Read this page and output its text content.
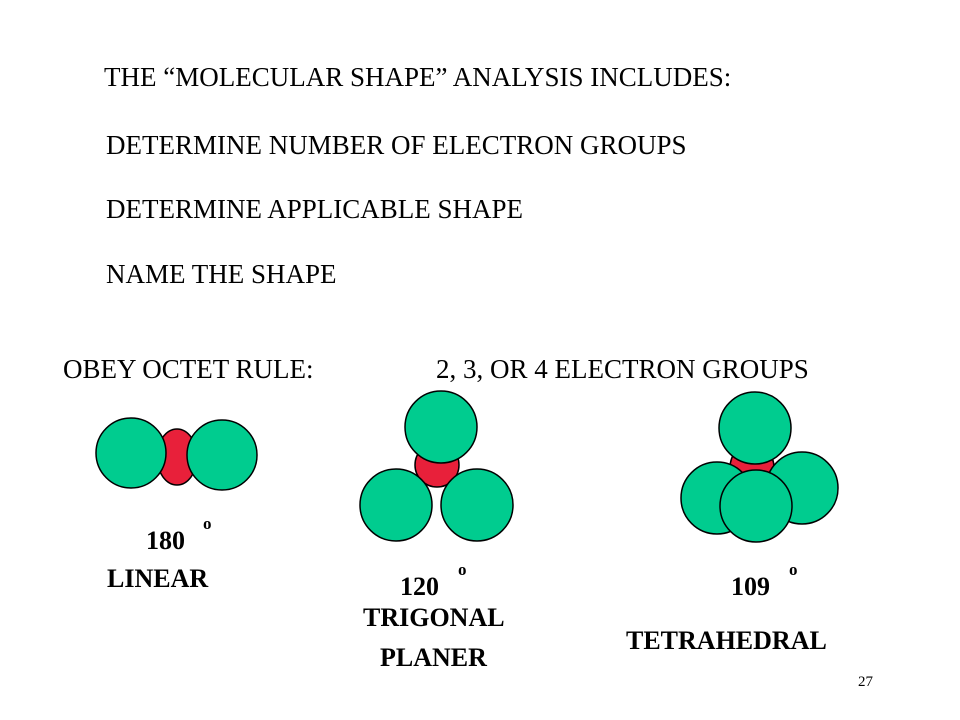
THE “MOLECULAR SHAPE” ANALYSIS INCLUDES:
DETERMINE NUMBER OF ELECTRON GROUPS
DETERMINE APPLICABLE SHAPE
NAME THE SHAPE
OBEY OCTET RULE:	2, 3, OR 4 ELECTRON GROUPS
180
o
LINEAR	120
o
TRIGONAL
PLANER
109
o
TETRAHEDRAL
27
